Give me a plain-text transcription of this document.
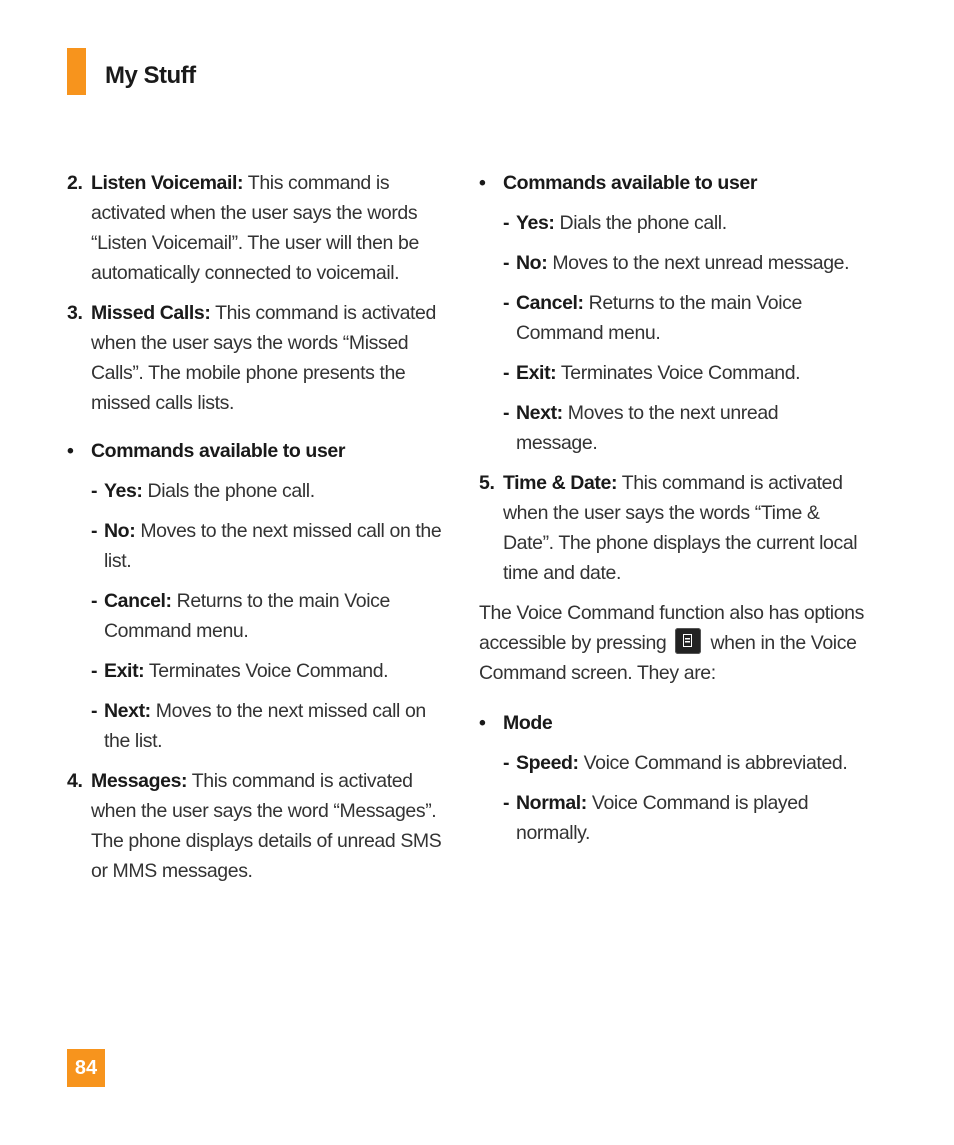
My Stuff
2. Listen Voicemail: This command is activated when the user says the words “Listen Voicemail”. The user will then be automatically connected to voicemail.
3. Missed Calls: This command is activated when the user says the words “Missed Calls”. The mobile phone presents the missed calls lists.
• Commands available to user
- Yes: Dials the phone call.
- No: Moves to the next missed call on the list.
- Cancel: Returns to the main Voice Command menu.
- Exit: Terminates Voice Command.
- Next: Moves to the next missed call on the list.
4. Messages: This command is activated when the user says the word “Messages”. The phone displays details of unread SMS or MMS messages.
• Commands available to user
- Yes: Dials the phone call.
- No: Moves to the next unread message.
- Cancel: Returns to the main Voice Command menu.
- Exit: Terminates Voice Command.
- Next: Moves to the next unread message.
5. Time & Date: This command is activated when the user says the words “Time & Date”. The phone displays the current local time and date.
The Voice Command function also has options accessible by pressing when in the Voice Command screen. They are:
• Mode
- Speed: Voice Command is abbreviated.
- Normal: Voice Command is played normally.
84
